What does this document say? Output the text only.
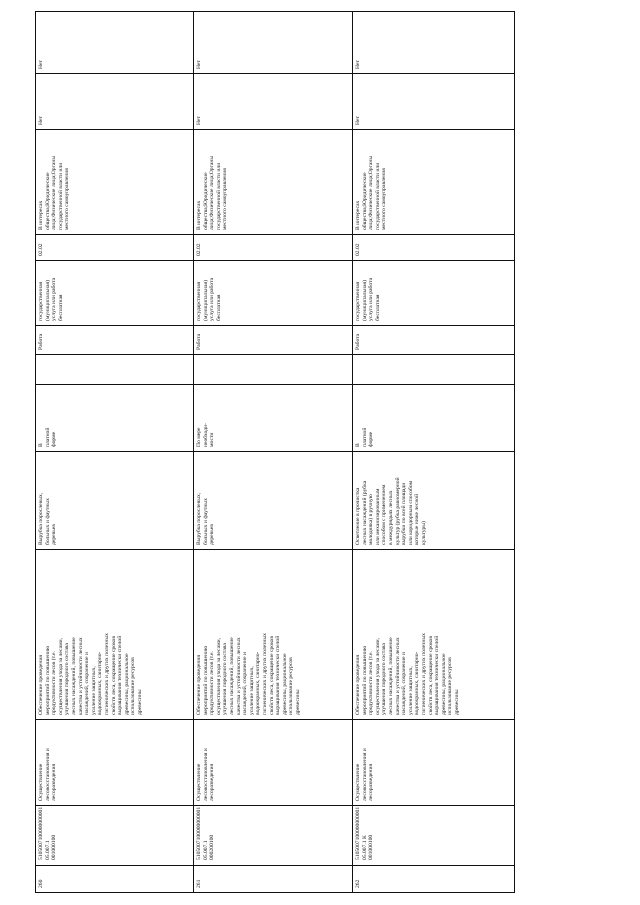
260
5105007100000000001
05.007.1
001000100
Осуществление
лесовосстановления и
лесоразведения
Обеспечение проведения
мероприятий по повышению
продуктивности лесов (т.е.
осуществления ухода за лесами,
улучшения породного состава
лесных насаждений, повышение
качества и устойчивости лесных
насаждений, сохранение и
усиление защитных,
водоохранных, санитарно-
гигиенических и других полезных
свойств леса, сокращение сроков
выращивания технически спелой
древесины, рациональное
использование ресурсов
древесины
Вырубка порослевых,
больных и фаутных
деревьев
В
платной
форме
Работа
государственная
(муниципальная)
услуга или работа
бесплатная
02.02
В интересах
общества;Юридические
лица;Физические лица;Органы
государственной власти или
местного самоуправления
Нет
Нет
261
5105007100000000001
05.007.1
000200100
Осуществление
лесовосстановления и
лесоразведения
Обеспечение проведения
мероприятий по повышению
продуктивности лесов (т.е.
осуществления ухода за лесами,
улучшения породного состава
лесных насаждений, повышение
качества и устойчивости лесных
насаждений, сохранение и
усиление защитных,
водоохранных, санитарно-
гигиенических и других полезных
свойств леса, сокращение сроков
выращивания технически спелой
древесины, рациональное
использование ресурсов
древесины
Вырубка порослевых,
больных и фаутных
деревьев
По мере
необходи-
мости
Работа
государственная
(муниципальная)
услуга или работа
бесплатная
02.02
В интересах
общества;Юридические
лица;Физические лица;Органы
государственной власти или
местного самоуправления
Нет
Нет
262
5105007100000000001
05.007.1 К
001000100
Осуществление
лесовосстановления и
лесоразведения
Обеспечение проведения
мероприятий по повышению
продуктивности лесов (т.е.
осуществления ухода за лесами,
улучшения породного состава
лесных насаждений, повышение
качества и устойчивости лесных
насаждений, сохранение и
усиление защитных,
водоохранных, санитарно-
гигиенических и других полезных
свойств леса, сокращение сроков
выращивания технически спелой
древесины, рациональное
использование ресурсов
древесины
Осветление в прочистка
лесных насаждений (рубка
молодняка) в ручную
или механизированным
способом с применением
в междурядьях лесных
культур (рубка равномерной
вырубки по всей площади
или коридорным способом
которые ниже лесной
культуры)
В
платной
форме
Работа
государственная
(муниципальная)
услуга или работа
бесплатная
02.02
В интересах
общества;Юридические
лица;Физические лица;Органы
государственной власти или
местного самоуправления
Нет
Нет
